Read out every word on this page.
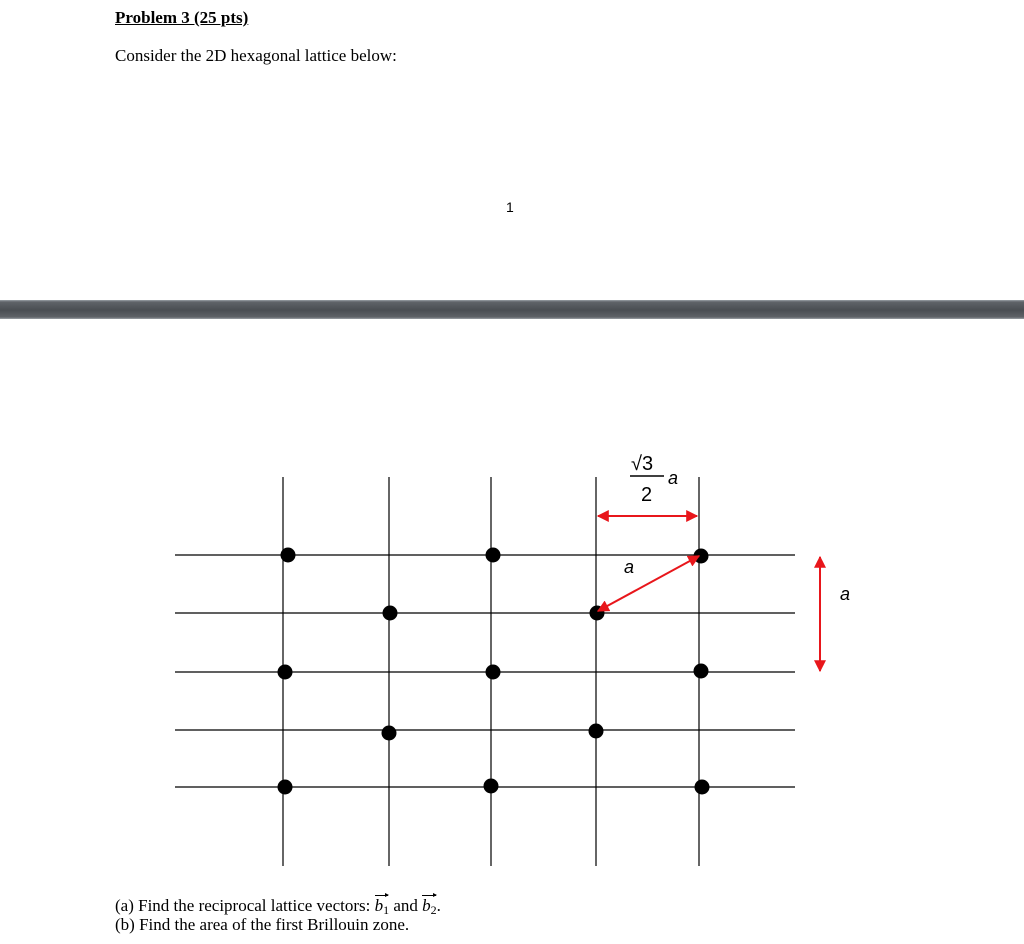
Problem 3 (25 pts)
Consider the 2D hexagonal lattice below:
1
√3
2
a
a
a
(a) Find the reciprocal lattice vectors: $b_1$ and $b_2$.
(b) Find the area of the first Brillouin zone.
